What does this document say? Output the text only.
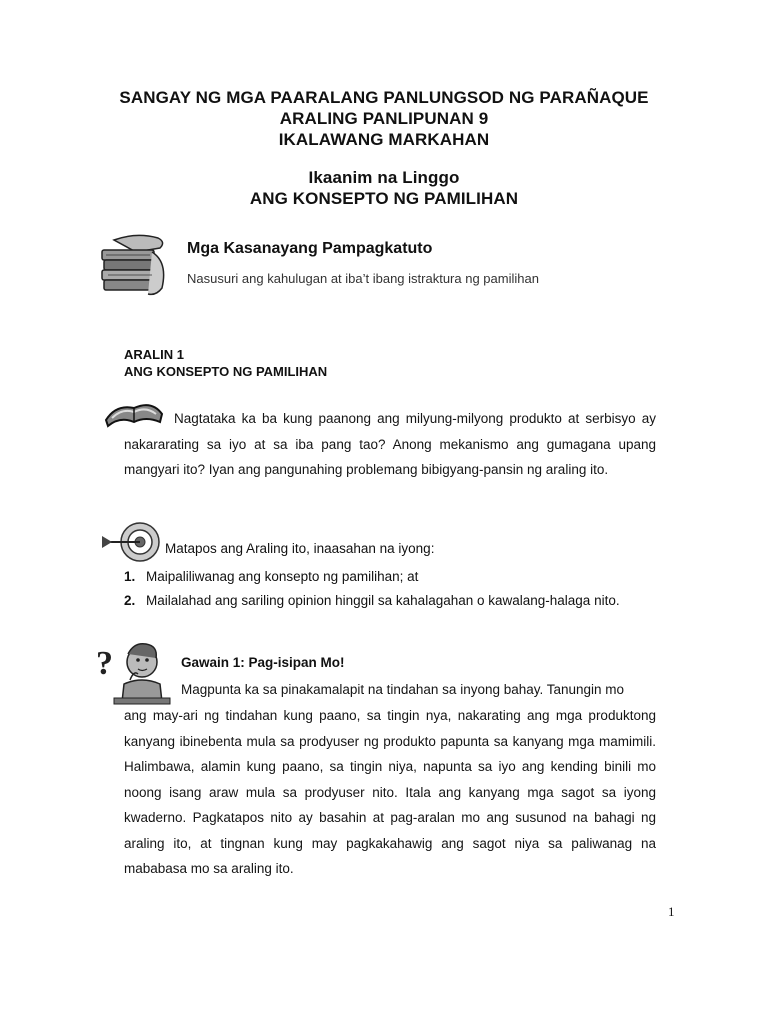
SANGAY NG MGA PAARALANG PANLUNGSOD NG PARAÑAQUE
ARALING PANLIPUNAN 9
IKALAWANG MARKAHAN
Ikaanim na Linggo
ANG KONSEPTO NG PAMILIHAN
Mga Kasanayang Pampagkatuto
Nasusuri ang kahulugan at iba’t ibang istraktura ng pamilihan
ARALIN 1
ANG KONSEPTO NG PAMILIHAN
Nagtataka ka ba kung paanong ang milyung-milyong produkto at serbisyo ay nakararating sa iyo at sa iba pang tao? Anong mekanismo ang gumagana upang mangyari ito? Iyan ang pangunahing problemang bibigyang-pansin ng araling ito.
Matapos ang Araling ito, inaasahan na iyong:
1. Maipaliliwanag ang konsepto ng pamilihan; at
2. Mailalahad ang sariling opinion hinggil sa kahalagahan o kawalang-halaga nito.
?	Gawain 1: Pag-isipan Mo!
Magpunta ka sa pinakamalapit na tindahan sa inyong bahay. Tanungin mo
ang may-ari ng tindahan kung paano, sa tingin nya, nakarating ang mga produktong kanyang ibinebenta mula sa prodyuser ng produkto papunta sa kanyang mga mamimili. Halimbawa, alamin kung paano, sa tingin niya, napunta sa iyo ang kending binili mo noong isang araw mula sa prodyuser nito. Itala ang kanyang mga sagot sa iyong kwaderno. Pagkatapos nito ay basahin at pag-aralan mo ang susunod na bahagi ng araling ito, at tingnan kung may pagkakahawig ang sagot niya sa paliwanag na mababasa mo sa araling ito.
1
